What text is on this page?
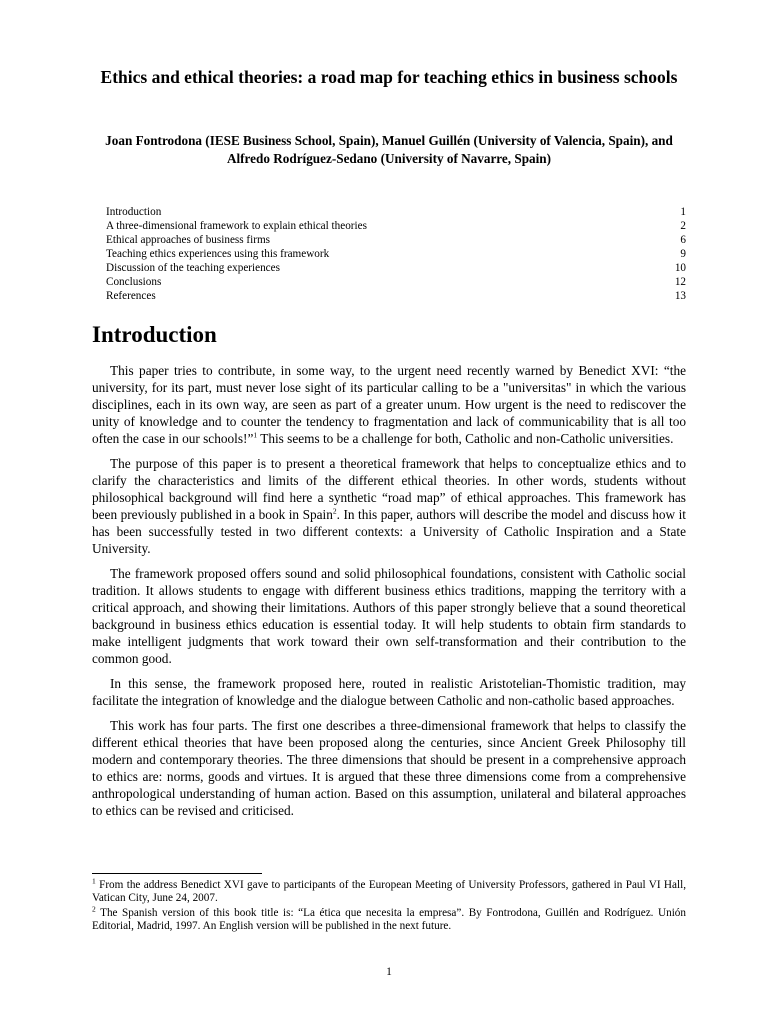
Ethics and ethical theories: a road map for teaching ethics in business schools

Joan Fontrodona (IESE Business School, Spain), Manuel Guillén (University of Valencia, Spain), and Alfredo Rodríguez-Sedano (University of Navarre, Spain)

Introduction	1
A three-dimensional framework to explain ethical theories	2
Ethical approaches of business firms	6
Teaching ethics experiences using this framework	9
Discussion of the teaching experiences	10
Conclusions	12
References	13
Introduction

This paper tries to contribute, in some way, to the urgent need recently warned by Benedict XVI: “the university, for its part, must never lose sight of its particular calling to be a "universitas" in which the various disciplines, each in its own way, are seen as part of a greater unum. How urgent is the need to rediscover the unity of knowledge and to counter the tendency to fragmentation and lack of communicability that is all too often the case in our schools!”$^1$ This seems to be a challenge for both, Catholic and non-Catholic universities.

The purpose of this paper is to present a theoretical framework that helps to conceptualize ethics and to clarify the characteristics and limits of the different ethical theories. In other words, students without philosophical background will find here a synthetic “road map” of ethical approaches. This framework has been previously published in a book in Spain$^2$. In this paper, authors will describe the model and discuss how it has been successfully tested in two different contexts: a University of Catholic Inspiration and a State University.

The framework proposed offers sound and solid philosophical foundations, consistent with Catholic social tradition. It allows students to engage with different business ethics traditions, mapping the territory with a critical approach, and showing their limitations. Authors of this paper strongly believe that a sound theoretical background in business ethics education is essential today. It will help students to obtain firm standards to make intelligent judgments that work toward their own self-transformation and their contribution to the common good.

In this sense, the framework proposed here, routed in realistic Aristotelian-Thomistic tradition, may facilitate the integration of knowledge and the dialogue between Catholic and non-catholic based approaches.

This work has four parts. The first one describes a three-dimensional framework that helps to classify the different ethical theories that have been proposed along the centuries, since Ancient Greek Philosophy till modern and contemporary theories. The three dimensions that should be present in a comprehensive approach to ethics are: norms, goods and virtues. It is argued that these three dimensions come from a comprehensive anthropological understanding of human action. Based on this assumption, unilateral and bilateral approaches to ethics can be revised and criticised.

$^1$ From the address Benedict XVI gave to participants of the European Meeting of University Professors, gathered in Paul VI Hall, Vatican City, June 24, 2007.

$^2$ The Spanish version of this book title is: “La ética que necesita la empresa”. By Fontrodona, Guillén and Rodríguez. Unión Editorial, Madrid, 1997. An English version will be published in the next future.

1
